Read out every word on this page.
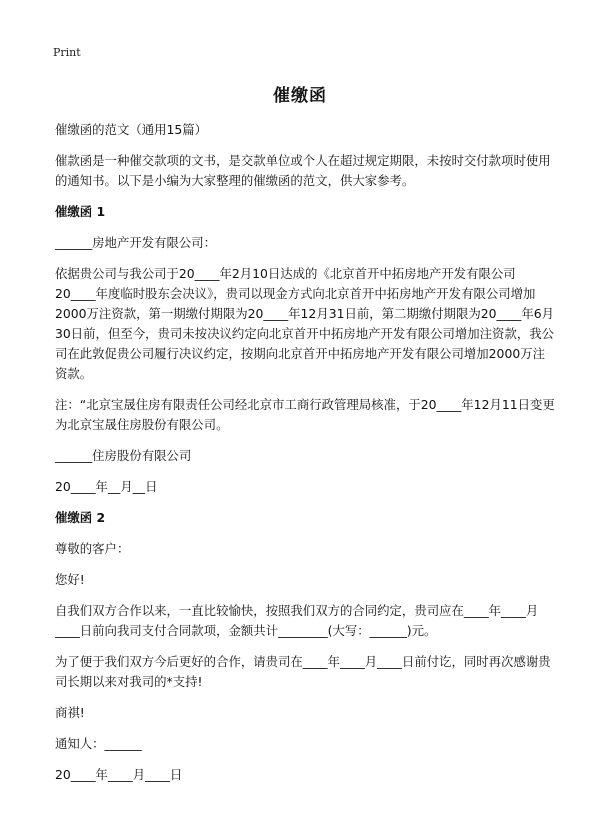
Print
催缴函

催缴函的范文（通用15篇）

催款函是一种催交款项的文书，是交款单位或个人在超过规定期限，未按时交付款项时使用的通知书。以下是小编为大家整理的催缴函的范文，供大家参考。

催缴函 1

______房地产开发有限公司：

依据贵公司与我公司于20____年2月10日达成的《北京首开中拓房地产开发有限公司20____年度临时股东会决议》，贵司以现金方式向北京首开中拓房地产开发有限公司增加2000万注资款，第一期缴付期限为20____年12月31日前，第二期缴付期限为20____年6月30日前，但至今，贵司未按决议约定向北京首开中拓房地产开发有限公司增加注资款，我公司在此敦促贵公司履行决议约定，按期向北京首开中拓房地产开发有限公司增加2000万注资款。

注：“北京宝晟住房有限责任公司经北京市工商行政管理局核准，于20____年12月11日变更为北京宝晟住房股份有限公司。

______住房股份有限公司

20____年__月__日

催缴函 2

尊敬的客户：

您好!

自我们双方合作以来，一直比较愉快，按照我们双方的合同约定，贵司应在____年____月____日前向我司支付合同款项，金额共计________(大写：______)元。

为了便于我们双方今后更好的合作，请贵司在____年____月____日前付讫，同时再次感谢贵司长期以来对我司的*支持!

商祺!

通知人：______

20____年____月____日
